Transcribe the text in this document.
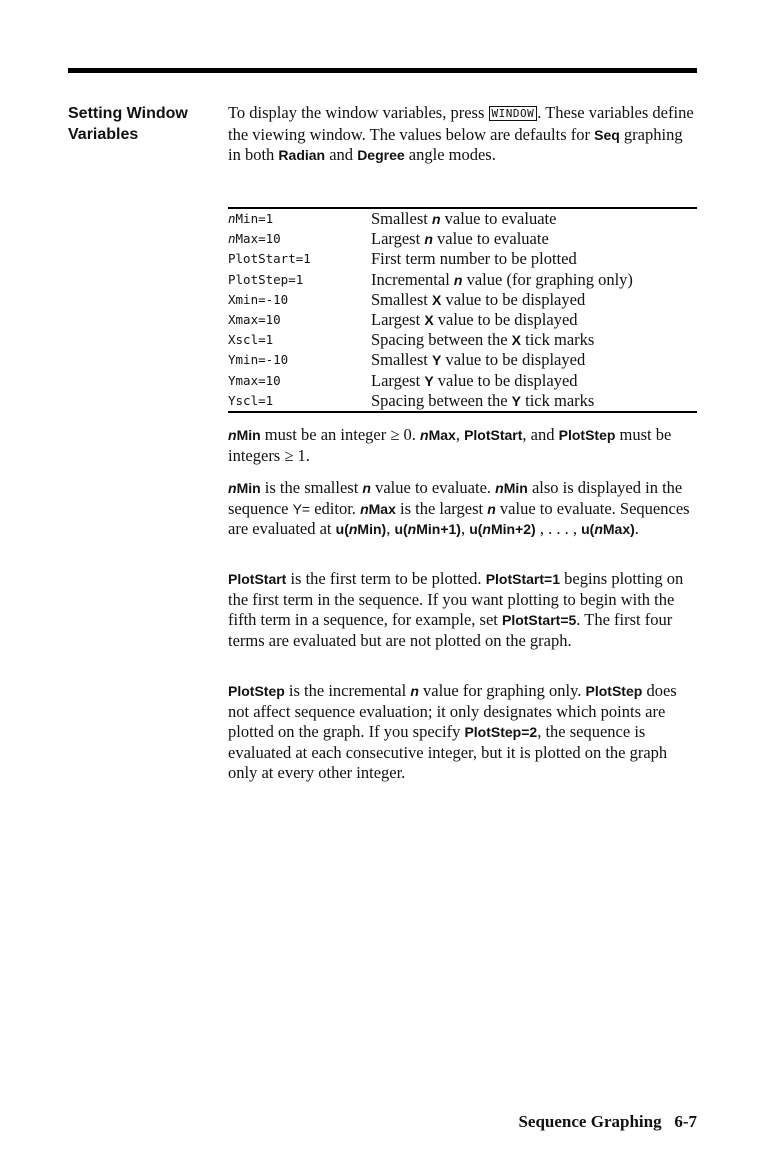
Setting Window
Variables
To display the window variables, press WINDOW . These variables define the viewing window. The values below are defaults for Seq graphing in both Radian and Degree angle modes.
nMin=1	Smallest n value to evaluate
nMax=10	Largest n value to evaluate
PlotStart=1	First term number to be plotted
PlotStep=1	Incremental n value (for graphing only)
Xmin=-10	Smallest X value to be displayed
Xmax=10	Largest X value to be displayed
Xscl=1	Spacing between the X tick marks
Ymin=-10	Smallest Y value to be displayed
Ymax=10	Largest Y value to be displayed
Yscl=1	Spacing between the Y tick marks

nMin must be an integer ≥ 0. nMax, PlotStart, and PlotStep must be integers ≥ 1.

nMin is the smallest n value to evaluate. nMin also is displayed in the sequence Y= editor. nMax is the largest n value to evaluate. Sequences are evaluated at u(nMin), u(nMin+1), u(nMin+2) , . . . , u(nMax).

PlotStart is the first term to be plotted. PlotStart=1 begins plotting on the first term in the sequence. If you want plotting to begin with the fifth term in a sequence, for example, set PlotStart=5. The first four terms are evaluated but are not plotted on the graph.

PlotStep is the incremental n value for graphing only. PlotStep does not affect sequence evaluation; it only designates which points are plotted on the graph. If you specify PlotStep=2, the sequence is evaluated at each consecutive integer, but it is plotted on the graph only at every other integer.

Sequence Graphing 6-7
